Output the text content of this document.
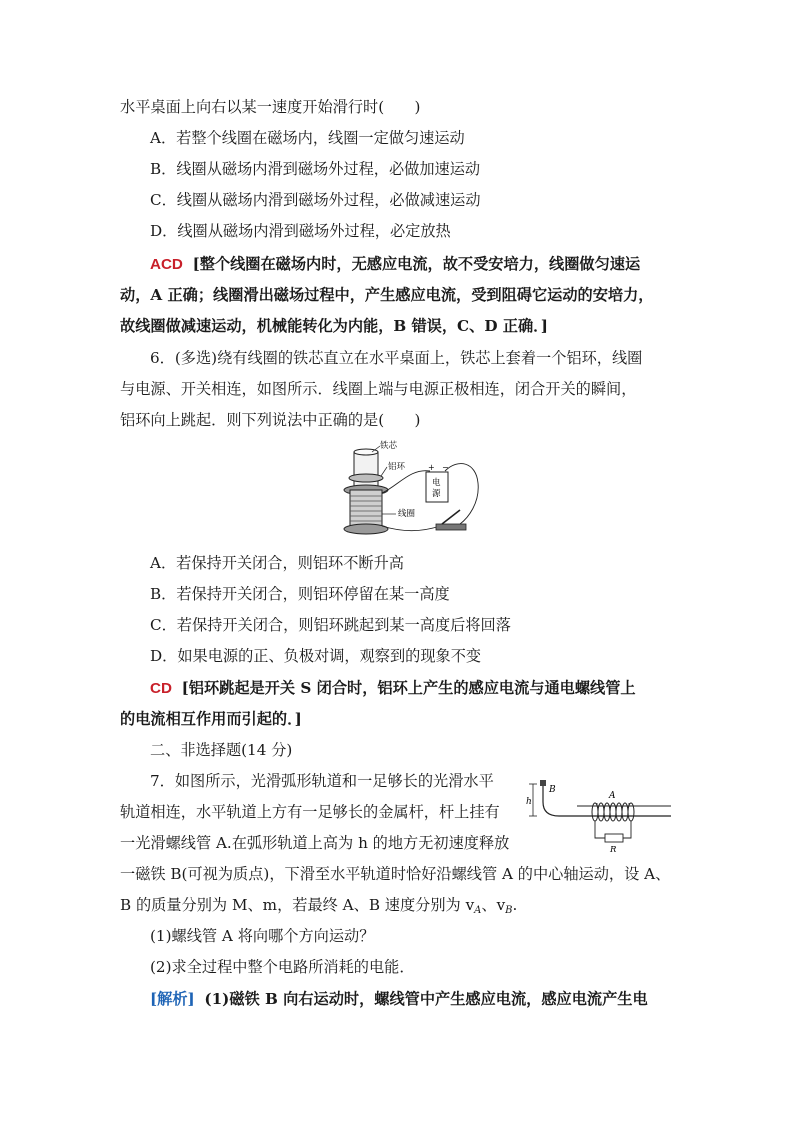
水平桌面上向右以某一速度开始滑行时(　　)
A．若整个线圈在磁场内，线圈一定做匀速运动
B．线圈从磁场内滑到磁场外过程，必做加速运动
C．线圈从磁场内滑到磁场外过程，必做减速运动
D．线圈从磁场内滑到磁场外过程，必定放热
ACD [整个线圈在磁场内时，无感应电流，故不受安培力，线圈做匀速运
动，A 正确；线圈滑出磁场过程中，产生感应电流，受到阻碍它运动的安培力，
故线圈做减速运动，机械能转化为内能，B 错误，C、D 正确．]
6．(多选)绕有线圈的铁芯直立在水平桌面上，铁芯上套着一个铝环，线圈
与电源、开关相连，如图所示．线圈上端与电源正极相连，闭合开关的瞬间，
铝环向上跳起．则下列说法中正确的是(　　)
铁芯
铝环
线圈
电
源
+ −
A．若保持开关闭合，则铝环不断升高
B．若保持开关闭合，则铝环停留在某一高度
C．若保持开关闭合，则铝环跳起到某一高度后将回落
D．如果电源的正、负极对调，观察到的现象不变
CD [铝环跳起是开关 S 闭合时，铝环上产生的感应电流与通电螺线管上
的电流相互作用而引起的．]
二、非选择题(14 分)
7．如图所示，光滑弧形轨道和一足够长的光滑水平
轨道相连，水平轨道上方有一足够长的金属杆，杆上挂有
一光滑螺线管 A.在弧形轨道上高为 h 的地方无初速度释放
h
B
A
R
一磁铁 B(可视为质点)，下滑至水平轨道时恰好沿螺线管 A 的中心轴运动，设 A、
B 的质量分别为 M、m，若最终 A、B 速度分别为 $v_A$、$v_B$.
(1)螺线管 A 将向哪个方向运动？
(2)求全过程中整个电路所消耗的电能．
[解析] (1)磁铁 B 向右运动时，螺线管中产生感应电流，感应电流产生电
